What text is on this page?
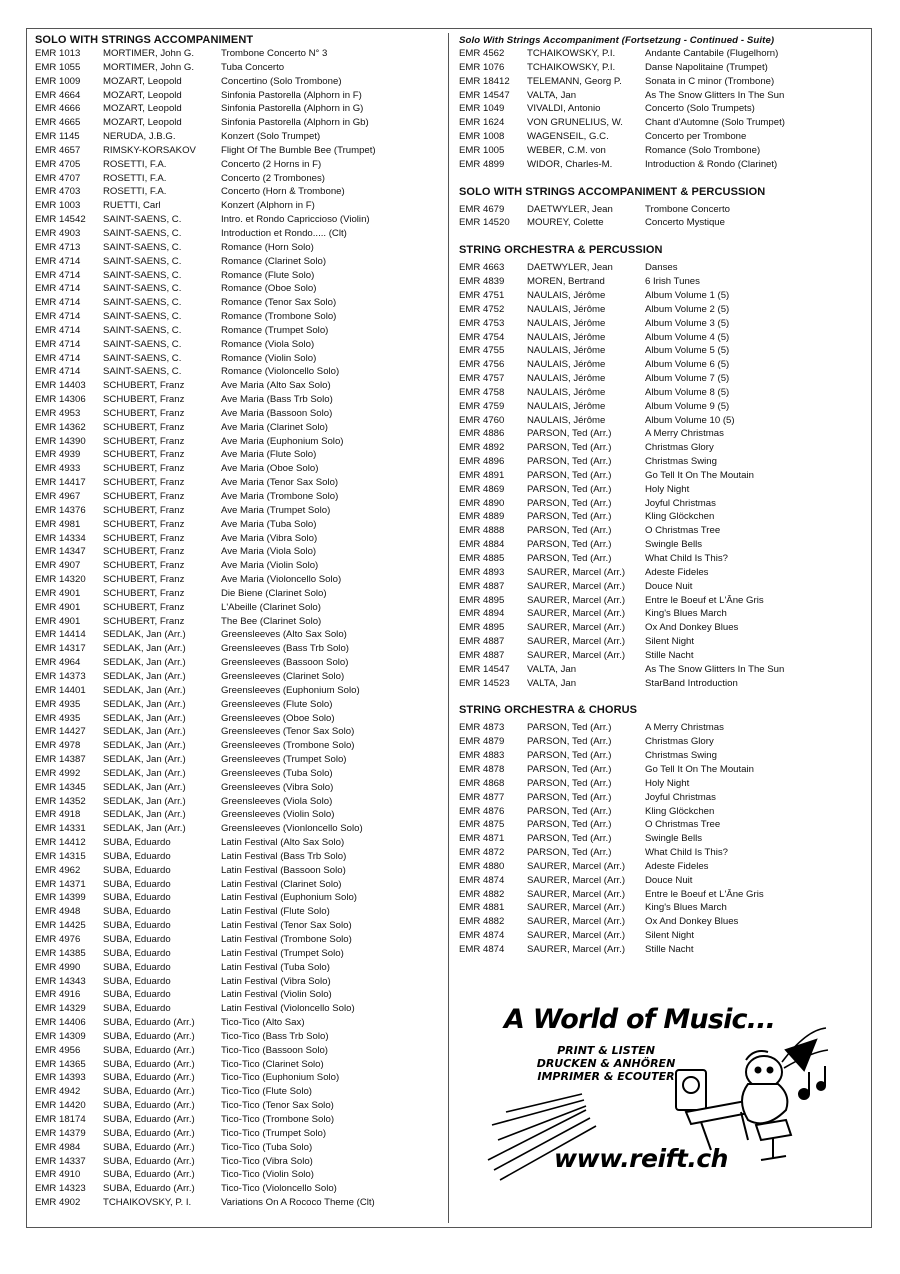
SOLO WITH STRINGS ACCOMPANIMENT
EMR 1013	MORTIMER, John G.	Trombone Concerto N° 3
EMR 1055	MORTIMER, John G.	Tuba Concerto
EMR 1009	MOZART, Leopold	Concertino (Solo Trombone)
EMR 4664	MOZART, Leopold	Sinfonia Pastorella (Alphorn in F)
EMR 4666	MOZART, Leopold	Sinfonia Pastorella (Alphorn in G)
EMR 4665	MOZART, Leopold	Sinfonia Pastorella (Alphorn in Gb)
EMR 1145	NERUDA, J.B.G.	Konzert (Solo Trumpet)
EMR 4657	RIMSKY-KORSAKOV	Flight Of The Bumble Bee (Trumpet)
EMR 4705	ROSETTI, F.A.	Concerto (2 Horns in F)
EMR 4707	ROSETTI, F.A.	Concerto (2 Trombones)
EMR 4703	ROSETTI, F.A.	Concerto (Horn & Trombone)
EMR 1003	RUETTI, Carl	Konzert (Alphorn in F)
EMR 14542	SAINT-SAENS, C.	Intro. et Rondo Capriccioso (Violin)
EMR 4903	SAINT-SAENS, C.	Introduction et Rondo..... (Clt)
EMR 4713	SAINT-SAENS, C.	Romance (Horn Solo)
EMR 4714	SAINT-SAENS, C.	Romance (Clarinet Solo)
EMR 4714	SAINT-SAENS, C.	Romance (Flute Solo)
EMR 4714	SAINT-SAENS, C.	Romance (Oboe Solo)
EMR 4714	SAINT-SAENS, C.	Romance (Tenor Sax Solo)
EMR 4714	SAINT-SAENS, C.	Romance (Trombone Solo)
EMR 4714	SAINT-SAENS, C.	Romance (Trumpet Solo)
EMR 4714	SAINT-SAENS, C.	Romance (Viola Solo)
EMR 4714	SAINT-SAENS, C.	Romance (Violin Solo)
EMR 4714	SAINT-SAENS, C.	Romance (Violoncello Solo)
EMR 14403	SCHUBERT, Franz	Ave Maria (Alto Sax Solo)
EMR 14306	SCHUBERT, Franz	Ave Maria (Bass Trb Solo)
EMR 4953	SCHUBERT, Franz	Ave Maria (Bassoon Solo)
EMR 14362	SCHUBERT, Franz	Ave Maria (Clarinet Solo)
EMR 14390	SCHUBERT, Franz	Ave Maria (Euphonium Solo)
EMR 4939	SCHUBERT, Franz	Ave Maria (Flute Solo)
EMR 4933	SCHUBERT, Franz	Ave Maria (Oboe Solo)
EMR 14417	SCHUBERT, Franz	Ave Maria (Tenor Sax Solo)
EMR 4967	SCHUBERT, Franz	Ave Maria (Trombone Solo)
EMR 14376	SCHUBERT, Franz	Ave Maria (Trumpet Solo)
EMR 4981	SCHUBERT, Franz	Ave Maria (Tuba Solo)
EMR 14334	SCHUBERT, Franz	Ave Maria (Vibra Solo)
EMR 14347	SCHUBERT, Franz	Ave Maria (Viola Solo)
EMR 4907	SCHUBERT, Franz	Ave Maria (Violin Solo)
EMR 14320	SCHUBERT, Franz	Ave Maria (Violoncello Solo)
EMR 4901	SCHUBERT, Franz	Die Biene (Clarinet Solo)
EMR 4901	SCHUBERT, Franz	L'Abeille (Clarinet Solo)
EMR 4901	SCHUBERT, Franz	The Bee (Clarinet Solo)
EMR 14414	SEDLAK, Jan (Arr.)	Greensleeves (Alto Sax Solo)
EMR 14317	SEDLAK, Jan (Arr.)	Greensleeves (Bass Trb Solo)
EMR 4964	SEDLAK, Jan (Arr.)	Greensleeves (Bassoon Solo)
EMR 14373	SEDLAK, Jan (Arr.)	Greensleeves (Clarinet Solo)
EMR 14401	SEDLAK, Jan (Arr.)	Greensleeves (Euphonium Solo)
EMR 4935	SEDLAK, Jan (Arr.)	Greensleeves (Flute Solo)
EMR 4935	SEDLAK, Jan (Arr.)	Greensleeves (Oboe Solo)
EMR 14427	SEDLAK, Jan (Arr.)	Greensleeves (Tenor Sax Solo)
EMR 4978	SEDLAK, Jan (Arr.)	Greensleeves (Trombone Solo)
EMR 14387	SEDLAK, Jan (Arr.)	Greensleeves (Trumpet Solo)
EMR 4992	SEDLAK, Jan (Arr.)	Greensleeves (Tuba Solo)
EMR 14345	SEDLAK, Jan (Arr.)	Greensleeves (Vibra Solo)
EMR 14352	SEDLAK, Jan (Arr.)	Greensleeves (Viola Solo)
EMR 4918	SEDLAK, Jan (Arr.)	Greensleeves (Violin Solo)
EMR 14331	SEDLAK, Jan (Arr.)	Greensleeves (Vionloncello Solo)
EMR 14412	SUBA, Eduardo	Latin Festival (Alto Sax Solo)
EMR 14315	SUBA, Eduardo	Latin Festival (Bass Trb Solo)
EMR 4962	SUBA, Eduardo	Latin Festival (Bassoon Solo)
EMR 14371	SUBA, Eduardo	Latin Festival (Clarinet Solo)
EMR 14399	SUBA, Eduardo	Latin Festival (Euphonium Solo)
EMR 4948	SUBA, Eduardo	Latin Festival (Flute Solo)
EMR 14425	SUBA, Eduardo	Latin Festival (Tenor Sax Solo)
EMR 4976	SUBA, Eduardo	Latin Festival (Trombone Solo)
EMR 14385	SUBA, Eduardo	Latin Festival (Trumpet Solo)
EMR 4990	SUBA, Eduardo	Latin Festival (Tuba Solo)
EMR 14343	SUBA, Eduardo	Latin Festival (Vibra Solo)
EMR 4916	SUBA, Eduardo	Latin Festival (Violin Solo)
EMR 14329	SUBA, Eduardo	Latin Festival (Violoncello Solo)
EMR 14406	SUBA, Eduardo (Arr.)	Tico-Tico (Alto Sax)
EMR 14309	SUBA, Eduardo (Arr.)	Tico-Tico (Bass Trb Solo)
EMR 4956	SUBA, Eduardo (Arr.)	Tico-Tico (Bassoon Solo)
EMR 14365	SUBA, Eduardo (Arr.)	Tico-Tico (Clarinet Solo)
EMR 14393	SUBA, Eduardo (Arr.)	Tico-Tico (Euphonium Solo)
EMR 4942	SUBA, Eduardo (Arr.)	Tico-Tico (Flute Solo)
EMR 14420	SUBA, Eduardo (Arr.)	Tico-Tico (Tenor Sax Solo)
EMR 18174	SUBA, Eduardo (Arr.)	Tico-Tico (Trombone Solo)
EMR 14379	SUBA, Eduardo (Arr.)	Tico-Tico (Trumpet Solo)
EMR 4984	SUBA, Eduardo (Arr.)	Tico-Tico (Tuba Solo)
EMR 14337	SUBA, Eduardo (Arr.)	Tico-Tico (Vibra Solo)
EMR 4910	SUBA, Eduardo (Arr.)	Tico-Tico (Violin Solo)
EMR 14323	SUBA, Eduardo (Arr.)	Tico-Tico (Violoncello Solo)
EMR 4902	TCHAIKOVSKY, P. I.	Variations On A Rococo Theme (Clt)
Solo With Strings Accompaniment (Fortsetzung - Continued - Suite)
EMR 4562	TCHAIKOWSKY, P.I.	Andante Cantabile (Flugelhorn)
EMR 1076	TCHAIKOWSKY, P.I.	Danse Napolitaine (Trumpet)
EMR 18412	TELEMANN, Georg P.	Sonata in C minor (Trombone)
EMR 14547	VALTA, Jan	As The Snow Glitters In The Sun
EMR 1049	VIVALDI, Antonio	Concerto (Solo Trumpets)
EMR 1624	VON GRUNELIUS, W.	Chant d'Automne (Solo Trumpet)
EMR 1008	WAGENSEIL, G.C.	Concerto per Trombone
EMR 1005	WEBER, C.M. von	Romance (Solo Trombone)
EMR 4899	WIDOR, Charles-M.	Introduction & Rondo (Clarinet)
SOLO WITH STRINGS ACCOMPANIMENT & PERCUSSION
EMR 4679	DAETWYLER, Jean	Trombone Concerto
EMR 14520	MOUREY, Colette	Concerto Mystique
STRING ORCHESTRA & PERCUSSION
EMR 4663	DAETWYLER, Jean	Danses
EMR 4839	MOREN, Bertrand	6 Irish Tunes
EMR 4751	NAULAIS, Jérôme	Album Volume 1 (5)
EMR 4752	NAULAIS, Jérôme	Album Volume 2 (5)
EMR 4753	NAULAIS, Jérôme	Album Volume 3 (5)
EMR 4754	NAULAIS, Jérôme	Album Volume 4 (5)
EMR 4755	NAULAIS, Jérôme	Album Volume 5 (5)
EMR 4756	NAULAIS, Jérôme	Album Volume 6 (5)
EMR 4757	NAULAIS, Jérôme	Album Volume 7 (5)
EMR 4758	NAULAIS, Jérôme	Album Volume 8 (5)
EMR 4759	NAULAIS, Jérôme	Album Volume 9 (5)
EMR 4760	NAULAIS, Jérôme	Album Volume 10 (5)
EMR 4886	PARSON, Ted (Arr.)	A Merry Christmas
EMR 4892	PARSON, Ted (Arr.)	Christmas Glory
EMR 4896	PARSON, Ted (Arr.)	Christmas Swing
EMR 4891	PARSON, Ted (Arr.)	Go Tell It On The Moutain
EMR 4869	PARSON, Ted (Arr.)	Holy Night
EMR 4890	PARSON, Ted (Arr.)	Joyful Christmas
EMR 4889	PARSON, Ted (Arr.)	Kling Glöckchen
EMR 4888	PARSON, Ted (Arr.)	O Christmas Tree
EMR 4884	PARSON, Ted (Arr.)	Swingle Bells
EMR 4885	PARSON, Ted (Arr.)	What Child Is This?
EMR 4893	SAURER, Marcel (Arr.)	Adeste Fideles
EMR 4887	SAURER, Marcel (Arr.)	Douce Nuit
EMR 4895	SAURER, Marcel (Arr.)	Entre le Boeuf et L'Âne Gris
EMR 4894	SAURER, Marcel (Arr.)	King's Blues March
EMR 4895	SAURER, Marcel (Arr.)	Ox And Donkey Blues
EMR 4887	SAURER, Marcel (Arr.)	Silent Night
EMR 4887	SAURER, Marcel (Arr.)	Stille Nacht
EMR 14547	VALTA, Jan	As The Snow Glitters In The Sun
EMR 14523	VALTA, Jan	StarBand Introduction
STRING ORCHESTRA & CHORUS
EMR 4873	PARSON, Ted (Arr.)	A Merry Christmas
EMR 4879	PARSON, Ted (Arr.)	Christmas Glory
EMR 4883	PARSON, Ted (Arr.)	Christmas Swing
EMR 4878	PARSON, Ted (Arr.)	Go Tell It On The Moutain
EMR 4868	PARSON, Ted (Arr.)	Holy Night
EMR 4877	PARSON, Ted (Arr.)	Joyful Christmas
EMR 4876	PARSON, Ted (Arr.)	Kling Glöckchen
EMR 4875	PARSON, Ted (Arr.)	O Christmas Tree
EMR 4871	PARSON, Ted (Arr.)	Swingle Bells
EMR 4872	PARSON, Ted (Arr.)	What Child Is This?
EMR 4880	SAURER, Marcel (Arr.)	Adeste Fideles
EMR 4874	SAURER, Marcel (Arr.)	Douce Nuit
EMR 4882	SAURER, Marcel (Arr.)	Entre le Boeuf et L'Âne Gris
EMR 4881	SAURER, Marcel (Arr.)	King's Blues March
EMR 4882	SAURER, Marcel (Arr.)	Ox And Donkey Blues
EMR 4874	SAURER, Marcel (Arr.)	Silent Night
EMR 4874	SAURER, Marcel (Arr.)	Stille Nacht
A World of Music...
PRINT & LISTEN
DRUCKEN & ANHÖREN
IMPRIMER & ECOUTER
www.reift.ch
